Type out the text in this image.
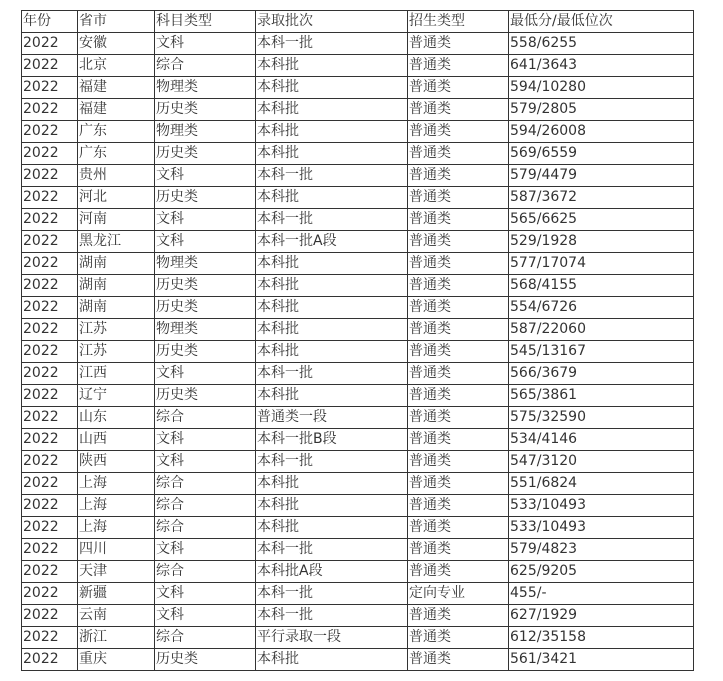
年份	省市	科目类型	录取批次	招生类型	最低分/最低位次
2022	安徽	文科	本科一批	普通类	558/6255
2022	北京	综合	本科批	普通类	641/3643
2022	福建	物理类	本科批	普通类	594/10280
2022	福建	历史类	本科批	普通类	579/2805
2022	广东	物理类	本科批	普通类	594/26008
2022	广东	历史类	本科批	普通类	569/6559
2022	贵州	文科	本科一批	普通类	579/4479
2022	河北	历史类	本科批	普通类	587/3672
2022	河南	文科	本科一批	普通类	565/6625
2022	黑龙江	文科	本科一批A段	普通类	529/1928
2022	湖南	物理类	本科批	普通类	577/17074
2022	湖南	历史类	本科批	普通类	568/4155
2022	湖南	历史类	本科批	普通类	554/6726
2022	江苏	物理类	本科批	普通类	587/22060
2022	江苏	历史类	本科批	普通类	545/13167
2022	江西	文科	本科一批	普通类	566/3679
2022	辽宁	历史类	本科批	普通类	565/3861
2022	山东	综合	普通类一段	普通类	575/32590
2022	山西	文科	本科一批B段	普通类	534/4146
2022	陕西	文科	本科一批	普通类	547/3120
2022	上海	综合	本科批	普通类	551/6824
2022	上海	综合	本科批	普通类	533/10493
2022	上海	综合	本科批	普通类	533/10493
2022	四川	文科	本科一批	普通类	579/4823
2022	天津	综合	本科批A段	普通类	625/9205
2022	新疆	文科	本科一批	定向专业	455/-
2022	云南	文科	本科一批	普通类	627/1929
2022	浙江	综合	平行录取一段	普通类	612/35158
2022	重庆	历史类	本科批	普通类	561/3421
